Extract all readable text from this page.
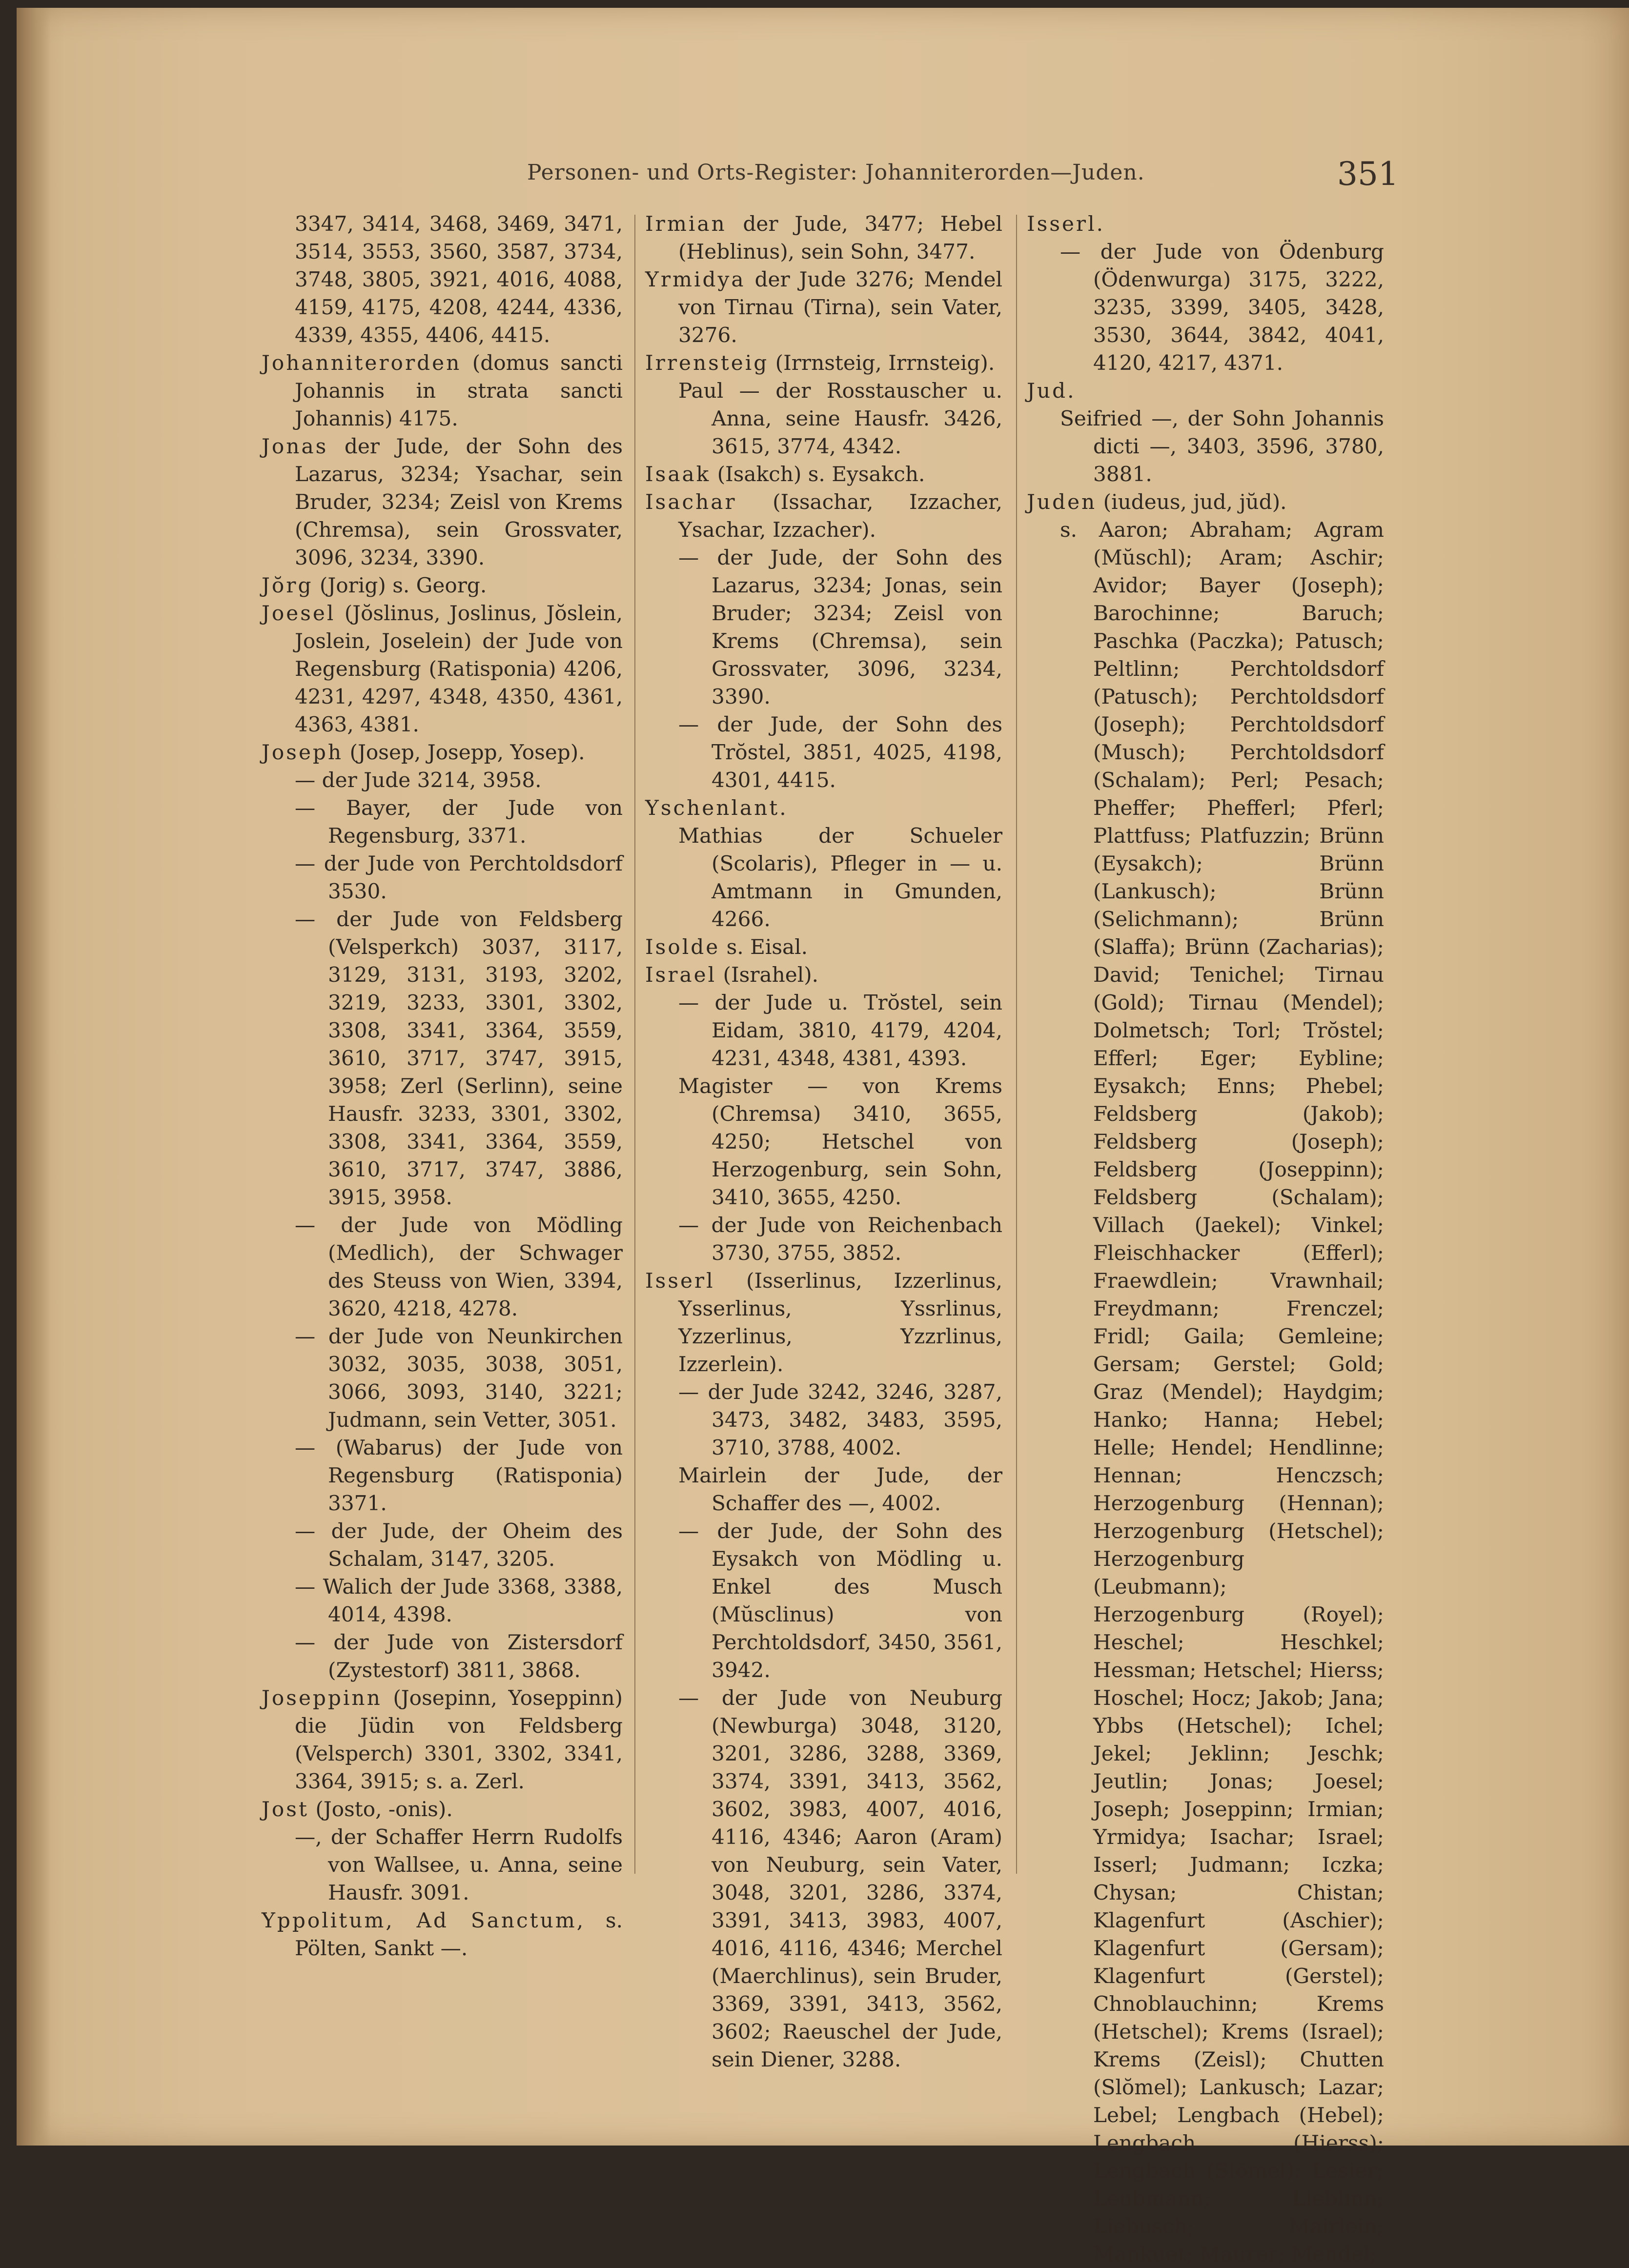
Personen- und Orts-Register: Johanniterorden—Juden.	351

3347, 3414, 3468, 3469, 3471, 3514, 3553, 3560, 3587, 3734, 3748, 3805, 3921, 4016, 4088, 4159, 4175, 4208, 4244, 4336, 4339, 4355, 4406, 4415.

Johanniterorden (domus sancti Johannis in strata sancti Johannis) 4175.

Jonas der Jude, der Sohn des Lazarus, 3234; Ysachar, sein Bruder, 3234; Zeisl von Krems (Chremsa), sein Grossvater, 3096, 3234, 3390.

Jŏrg (Jorig) s. Georg.

Joesel (Jŏslinus, Joslinus, Jŏslein, Joslein, Joselein) der Jude von Regensburg (Ratisponia) 4206, 4231, 4297, 4348, 4350, 4361, 4363, 4381.

Joseph (Josep, Josepp, Yosep).

— der Jude 3214, 3958.

— Bayer, der Jude von Regensburg, 3371.

— der Jude von Perchtoldsdorf 3530.

— der Jude von Feldsberg (Velsperkch) 3037, 3117, 3129, 3131, 3193, 3202, 3219, 3233, 3301, 3302, 3308, 3341, 3364, 3559, 3610, 3717, 3747, 3915, 3958; Zerl (Serlinn), seine Hausfr. 3233, 3301, 3302, 3308, 3341, 3364, 3559, 3610, 3717, 3747, 3886, 3915, 3958.

— der Jude von Mödling (Medlich), der Schwager des Steuss von Wien, 3394, 3620, 4218, 4278.

— der Jude von Neunkirchen 3032, 3035, 3038, 3051, 3066, 3093, 3140, 3221; Judmann, sein Vetter, 3051.

— (Wabarus) der Jude von Regensburg (Ratisponia) 3371.

— der Jude, der Oheim des Schalam, 3147, 3205.

— Walich der Jude 3368, 3388, 4014, 4398.

— der Jude von Zistersdorf (Zystestorf) 3811, 3868.

Joseppinn (Josepinn, Yoseppinn) die Jüdin von Feldsberg (Velsperch) 3301, 3302, 3341, 3364, 3915; s. a. Zerl.

Jost (Josto, -onis).

—, der Schaffer Herrn Rudolfs von Wallsee, u. Anna, seine Hausfr. 3091.

Yppolitum, Ad Sanctum, s. Pölten, Sankt —.

Irmian der Jude, 3477; Hebel (Heblinus), sein Sohn, 3477.

Yrmidya der Jude 3276; Mendel von Tirnau (Tirna), sein Vater, 3276.

Irrensteig (Irrnsteig, Irrnsteig).

Paul — der Rosstauscher u. Anna, seine Hausfr. 3426, 3615, 3774, 4342.

Isaak (Isakch) s. Eysakch.

Isachar (Issachar, Izzacher, Ysachar, Izzacher).

— der Jude, der Sohn des Lazarus, 3234; Jonas, sein Bruder; 3234; Zeisl von Krems (Chremsa), sein Grossvater, 3096, 3234, 3390.

— der Jude, der Sohn des Trŏstel, 3851, 4025, 4198, 4301, 4415.

Yschenlant.

Mathias der Schueler (Scolaris), Pfleger in — u. Amtmann in Gmunden, 4266.

Isolde s. Eisal.

Israel (Israhel).

— der Jude u. Trŏstel, sein Eidam, 3810, 4179, 4204, 4231, 4348, 4381, 4393.

Magister — von Krems (Chremsa) 3410, 3655, 4250; Hetschel von Herzogenburg, sein Sohn, 3410, 3655, 4250.

— der Jude von Reichenbach 3730, 3755, 3852.

Isserl (Isserlinus, Izzerlinus, Ysserlinus, Yssrlinus, Yzzerlinus, Yzzrlinus, Izzerlein).

— der Jude 3242, 3246, 3287, 3473, 3482, 3483, 3595, 3710, 3788, 4002.

Mairlein der Jude, der Schaffer des —, 4002.

— der Jude, der Sohn des Eysakch von Mödling u. Enkel des Musch (Mŭsclinus) von Perchtoldsdorf, 3450, 3561, 3942.

— der Jude von Neuburg (Newburga) 3048, 3120, 3201, 3286, 3288, 3369, 3374, 3391, 3413, 3562, 3602, 3983, 4007, 4016, 4116, 4346; Aaron (Aram) von Neuburg, sein Vater, 3048, 3201, 3286, 3374, 3391, 3413, 3983, 4007, 4016, 4116, 4346; Merchel (Maerchlinus), sein Bruder, 3369, 3391, 3413, 3562, 3602; Raeuschel der Jude, sein Diener, 3288.

Isserl.

— der Jude von Ödenburg (Ödenwurga) 3175, 3222, 3235, 3399, 3405, 3428, 3530, 3644, 3842, 4041, 4120, 4217, 4371.

Jud.

Seifried —, der Sohn Johannis dicti —, 3403, 3596, 3780, 3881.

Juden (iudeus, jud, jŭd).

s. Aaron; Abraham; Agram (Mŭschl); Aram; Aschir; Avidor; Bayer (Joseph); Barochinne; Baruch; Paschka (Paczka); Patusch; Peltlinn; Perchtoldsdorf (Patusch); Perchtoldsdorf (Joseph); Perchtoldsdorf (Musch); Perchtoldsdorf (Schalam); Perl; Pesach; Pheffer; Phefferl; Pferl; Plattfuss; Platfuzzin; Brünn (Eysakch); Brünn (Lankusch); Brünn (Selichmann); Brünn (Slaffa); Brünn (Zacharias); David; Tenichel; Tirnau (Gold); Tirnau (Mendel); Dolmetsch; Torl; Trŏstel; Efferl; Eger; Eybline; Eysakch; Enns; Phebel; Feldsberg (Jakob); Feldsberg (Joseph); Feldsberg (Joseppinn); Feldsberg (Schalam); Villach (Jaekel); Vinkel; Fleischhacker (Efferl); Fraewdlein; Vrawnhail; Freydmann; Frenczel; Fridl; Gaila; Gemleine; Gersam; Gerstel; Gold; Graz (Mendel); Haydgim; Hanko; Hanna; Hebel; Helle; Hendel; Hendlinne; Hennan; Henczsch; Herzogenburg (Hennan); Herzogenburg (Hetschel); Herzogenburg (Leubmann); Herzogenburg (Royel); Heschel; Heschkel; Hessman; Hetschel; Hierss; Hoschel; Hocz; Jakob; Jana; Ybbs (Hetschel); Ichel; Jekel; Jeklinn; Jeschk; Jeutlin; Jonas; Joesel; Joseph; Joseppinn; Irmian; Yrmidya; Isachar; Israel; Isserl; Judmann; Iczka; Chysan; Chistan; Klagenfurt (Aschier); Klagenfurt (Gersam); Klagenfurt (Gerstel); Chnoblauchinn; Krems (Hetschel); Krems (Israel); Krems (Zeisl); Chutten (Slŏmel); Lankusch; Lazar; Lebel; Lengbach (Hebel); Lengbach (Hierss); Lengbach (Slŏmel); Lesier; Leubmann; Lieblinn; Liebusch; Mairlein; Mankuet; Maurer; Mendel;
